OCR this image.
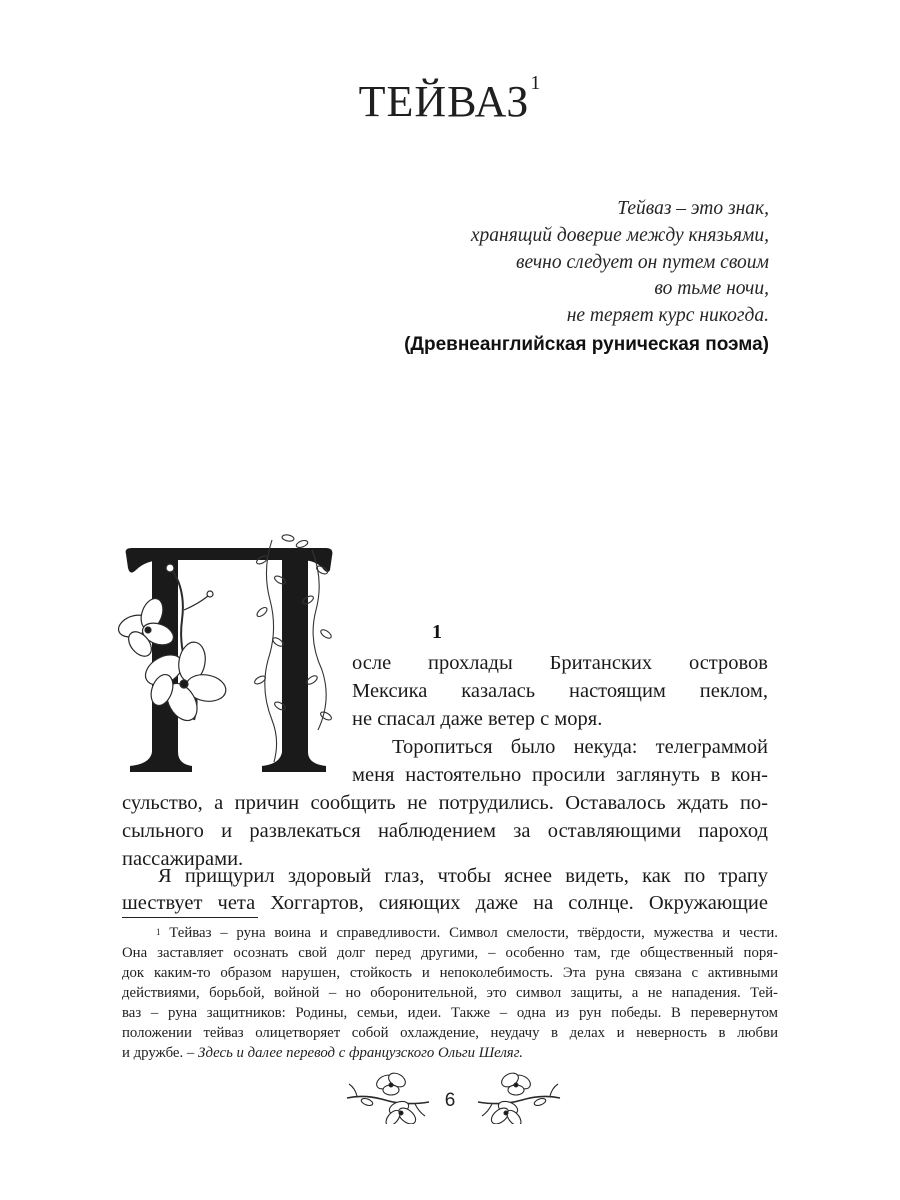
ТЕЙВАЗ$^1$
Тейваз – это знак,
хранящий доверие между князьями,
вечно следует он путем своим
во тьме ночи,
не теряет курс никогда.
(Древнеанглийская руническая поэма)
1
осле прохлады Британских островов
Мексика казалась настоящим пеклом,
не спасал даже ветер с моря.
Торопиться было некуда: телеграммой
меня настоятельно просили заглянуть в кон-
сульство, а причин сообщить не потрудились. Оставалось ждать по-
сыльного и развлекаться наблюдением за оставляющими пароход
пассажирами.
Я прищурил здоровый глаз, чтобы яснее видеть, как по трапу
шествует чета Хоггартов, сияющих даже на солнце. Окружающие
$^1$ Тейваз – руна воина и справедливости. Символ смелости, твёрдости, мужества и чести.
Она заставляет осознать свой долг перед другими, – особенно там, где общественный поря-
док каким-то образом нарушен, стойкость и непоколебимость. Эта руна связана с активными
действиями, борьбой, войной – но оборонительной, это символ защиты, а не нападения. Тей-
ваз – руна защитников: Родины, семьи, идеи. Также – одна из рун победы. В перевернутом
положении тейваз олицетворяет собой охлаждение, неудачу в делах и неверность в любви
и дружбе. – Здесь и далее перевод с французского Ольги Шеляг.
6
